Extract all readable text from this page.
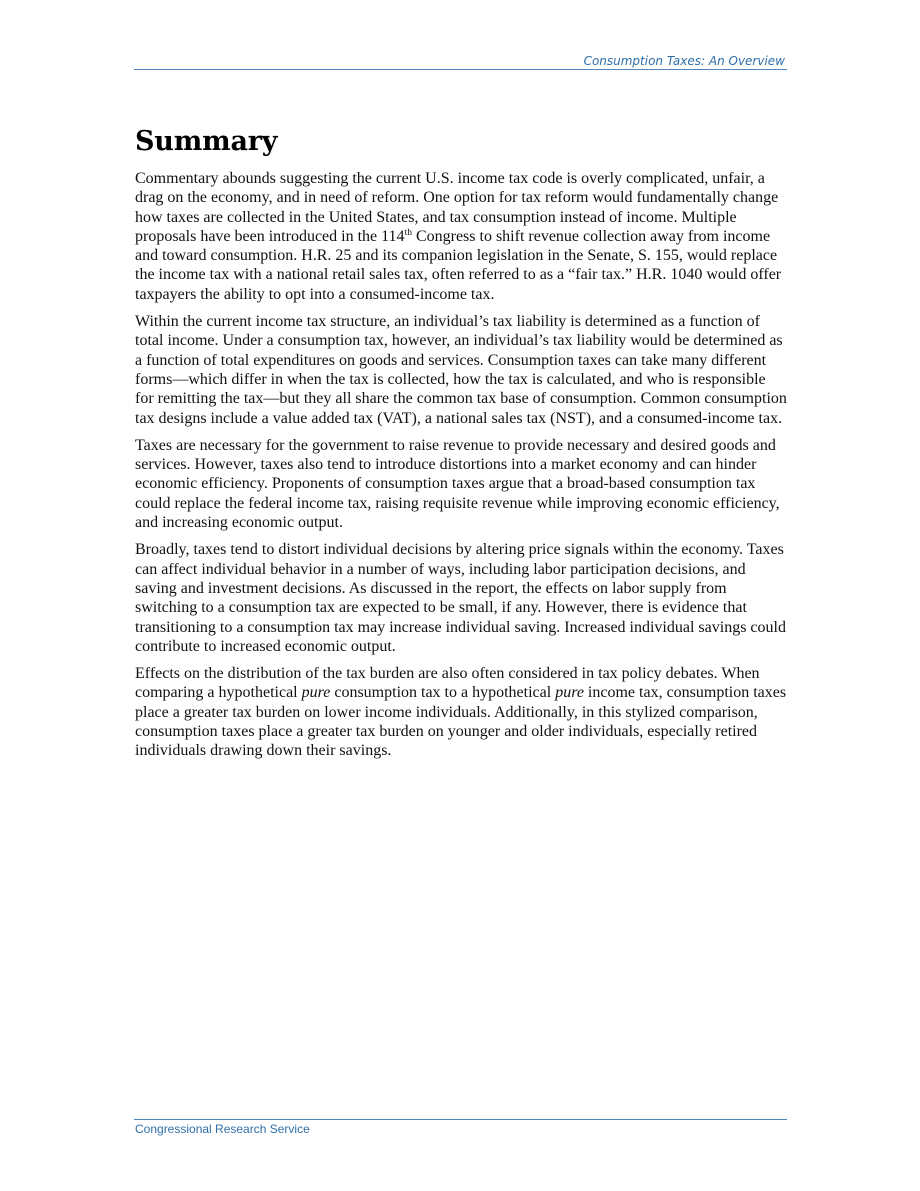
Consumption Taxes: An Overview
Summary

Commentary abounds suggesting the current U.S. income tax code is overly complicated, unfair, a drag on the economy, and in need of reform. One option for tax reform would fundamentally change how taxes are collected in the United States, and tax consumption instead of income. Multiple proposals have been introduced in the 114th Congress to shift revenue collection away from income and toward consumption. H.R. 25 and its companion legislation in the Senate, S. 155, would replace the income tax with a national retail sales tax, often referred to as a “fair tax.” H.R. 1040 would offer taxpayers the ability to opt into a consumed-income tax.

Within the current income tax structure, an individual’s tax liability is determined as a function of total income. Under a consumption tax, however, an individual’s tax liability would be determined as a function of total expenditures on goods and services. Consumption taxes can take many different forms—which differ in when the tax is collected, how the tax is calculated, and who is responsible for remitting the tax—but they all share the common tax base of consumption. Common consumption tax designs include a value added tax (VAT), a national sales tax (NST), and a consumed-income tax.

Taxes are necessary for the government to raise revenue to provide necessary and desired goods and services. However, taxes also tend to introduce distortions into a market economy and can hinder economic efficiency. Proponents of consumption taxes argue that a broad-based consumption tax could replace the federal income tax, raising requisite revenue while improving economic efficiency, and increasing economic output.

Broadly, taxes tend to distort individual decisions by altering price signals within the economy. Taxes can affect individual behavior in a number of ways, including labor participation decisions, and saving and investment decisions. As discussed in the report, the effects on labor supply from switching to a consumption tax are expected to be small, if any. However, there is evidence that transitioning to a consumption tax may increase individual saving. Increased individual savings could contribute to increased economic output.

Effects on the distribution of the tax burden are also often considered in tax policy debates. When comparing a hypothetical pure consumption tax to a hypothetical pure income tax, consumption taxes place a greater tax burden on lower income individuals. Additionally, in this stylized comparison, consumption taxes place a greater tax burden on younger and older individuals, especially retired individuals drawing down their savings.

Congressional Research Service
